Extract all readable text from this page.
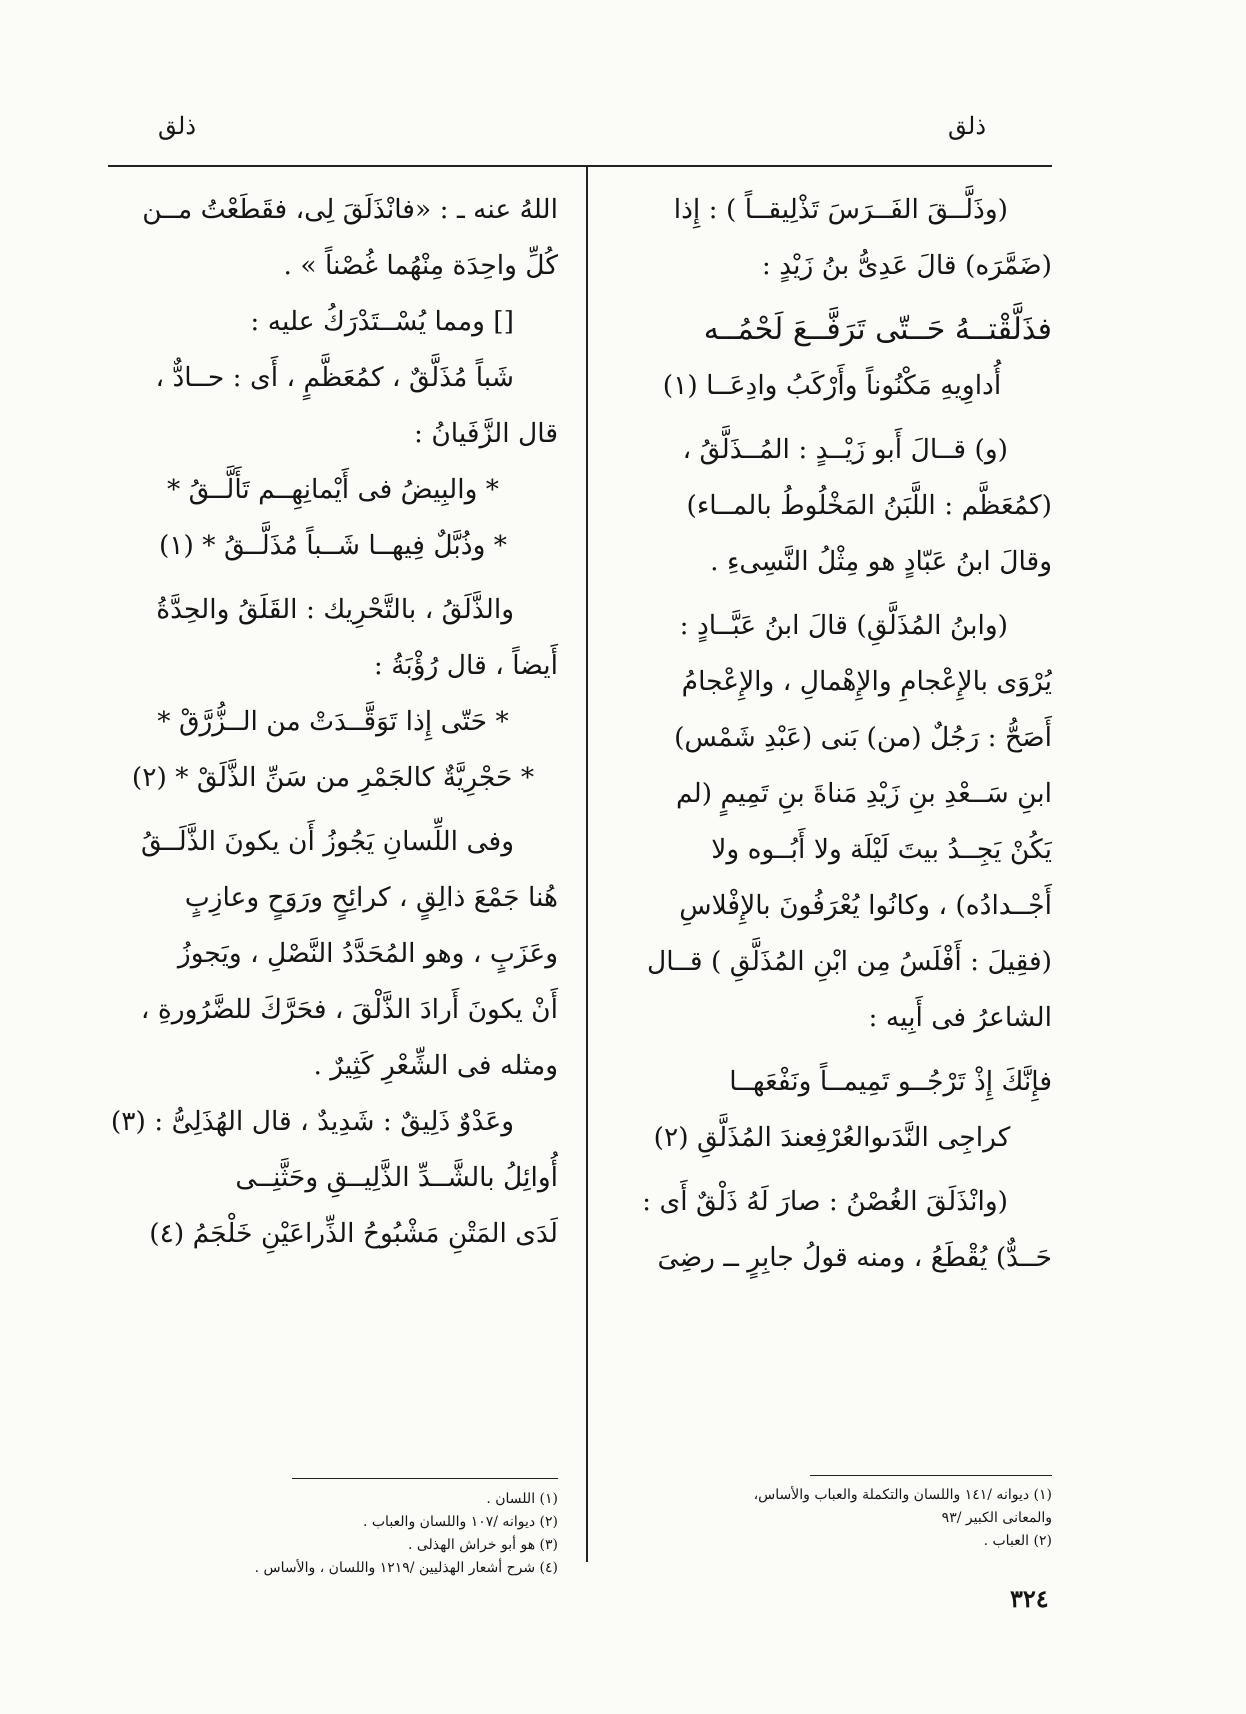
ذلق
ذلق
(وذَلَّــقَ الفَــرَسَ تَذْلِيقــاً ) : إِذا
(ضَمَّرَه) قالَ عَدِىُّ بنُ زَيْدٍ :
فذَلَّقْتــهُ حَــتّى تَرَفَّــعَ لَحْمُــه
أُداوِيهِ مَكْنُوناً وأَرْكَبُ وادِعَــا (١)
(و) قــالَ أَبو زَيْــدٍ : المُــذَلَّقُ ،
(كمُعَظَّم : اللَّبَنُ المَخْلُوطُ بالمــاء)
وقالَ ابنُ عَبّادٍ هو مِثْلُ النَّسِىءِ .
(وابنُ المُذَلَّقِ) قالَ ابنُ عَبَّــادٍ :
يُرْوَى بالإِعْجامِ والإِهْمالِ ، والإِعْجامُ
أَصَحُّ : رَجُلٌ (من) بَنى (عَبْدِ شَمْس)
ابنِ سَــعْدِ بنِ زَيْدِ مَناةَ بنِ تَمِيمٍ (لم
يَكُنْ يَجِــدُ بيتَ لَيْلَة ولا أَبُــوه ولا
أَجْــدادُه) ، وكانُوا يُعْرَفُونَ بالإِفْلاسِ
(فقِيلَ : أَفْلَسُ مِن ابْنِ المُذَلَّقِ ) قــال
الشاعرُ فى أَبِيه :
فإِنَّكَ إِذْ تَرْجُــو تَمِيمــاً ونَفْعَهــا
كراجِى النَّدَىوالعُرْفِعندَ المُذَلَّقِ (٢)
(وانْذَلَقَ الغُصْنُ : صارَ لَهُ ذَلْقٌ أَى :
حَــدٌّ) يُقْطَعُ ، ومنه قولُ جابِرٍ ــ رضِىَ
اللهُ عنه ـ : «فانْذَلَقَ لِى، فقَطَعْتُ مــن
كُلِّ واحِدَة مِنْهُما غُصْناً » .
[] ومما يُسْــتَدْرَكُ عليه :
شَباً مُذَلَّقٌ ، كمُعَظَّمٍ ، أَى : حــادٌّ ،
قال الزَّفَيانُ :
* والبِيضُ فى أَيْمانِهِــم تَأَلَّــقُ *
* وذُبَّلٌ فِيهــا شَــباً مُذَلَّــقُ * (١)
والذَّلَقُ ، بالتَّحْرِيك : القَلَقُ والحِدَّةُ
أَيضاً ، قال رُؤْبَةُ :
* حَتّى إِذا تَوَقَّــدَتْ من الــزُّرَّقْ *
* حَجْرِيَّةٌ كالجَمْرِ من سَنِّ الذَّلَقْ * (٢)
وفى اللِّسانِ يَجُوزُ أَن يكونَ الذَّلَــقُ
هُنا جَمْعَ ذالِقٍ ، كرائِحٍ ورَوَحٍ وعازِبٍ
وعَزَبٍ ، وهو المُحَدَّدُ النَّصْلِ ، ويَجوزُ
أَنْ يكونَ أَرادَ الذَّلْقَ ، فحَرَّكَ للضَّرُورةِ ،
ومثله فى الشِّعْرِ كَثِيرٌ .
وعَدْوٌ ذَلِيقٌ : شَدِيدٌ ، قال الهُذَلِىُّ : (٣)
أُوائِلُ بالشَّــدِّ الذَّلِيــقِ وحَثَّنِــى
لَدَى المَتْنِ مَشْبُوحُ الذِّراعَيْنِ خَلْجَمُ (٤)
(١) ديوانه /١٤١ واللسان والتكملة والعباب والأساس،
والمعانى الكبير /٩٣
(٢) العباب .
(١) اللسان .
(٢) ديوانه /١٠٧ واللسان والعباب .
(٣) هو أبو خراش الهذلى .
(٤) شرح أشعار الهذليين /١٢١٩ واللسان ، والأساس .
٣٢٤
